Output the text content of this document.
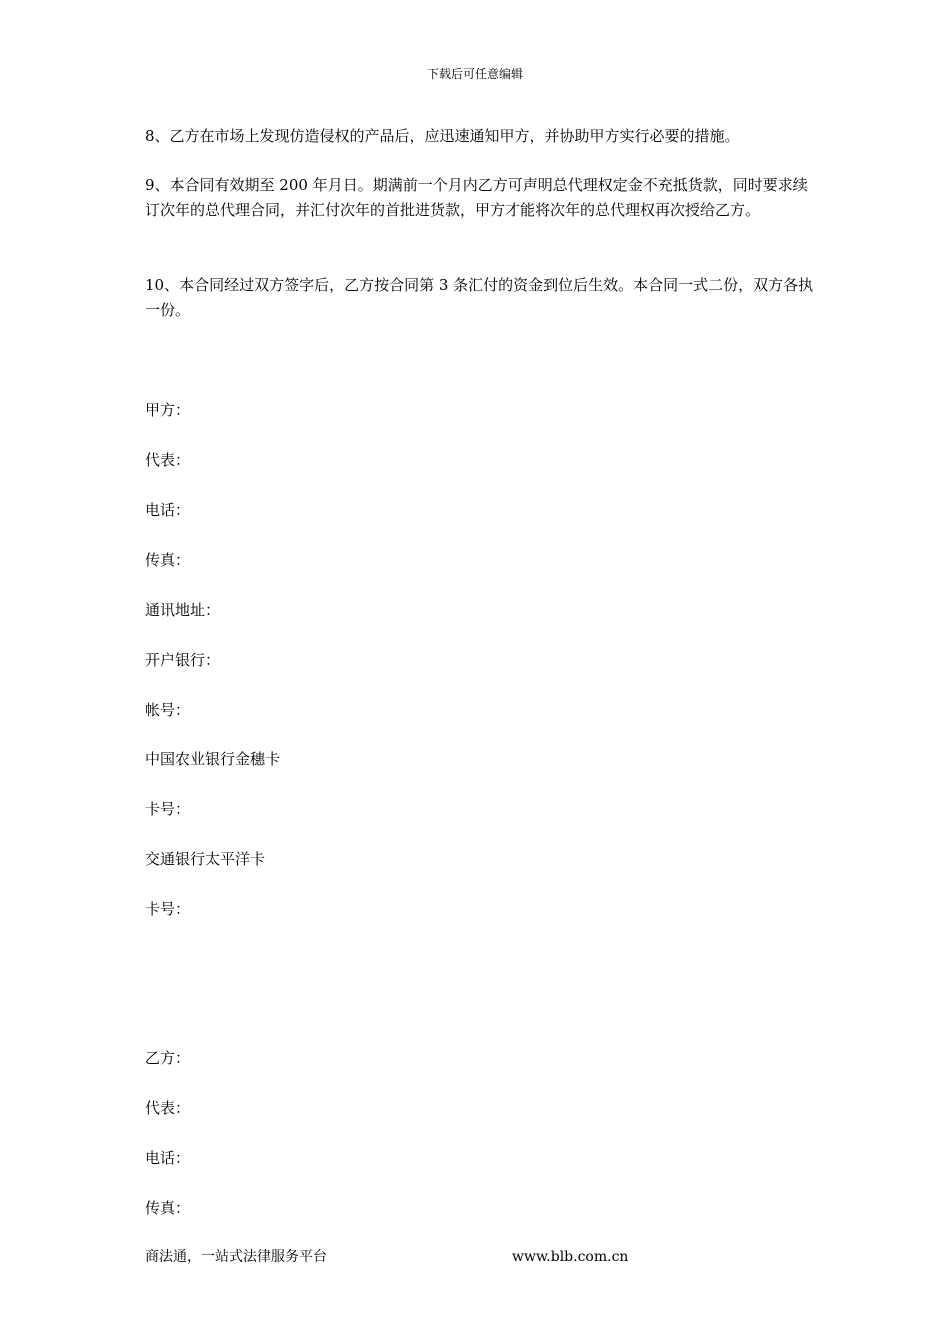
下载后可任意编辑

8、乙方在市场上发现仿造侵权的产品后，应迅速通知甲方，并协助甲方实行必要的措施。

9、本合同有效期至 200 年月日。期满前一个月内乙方可声明总代理权定金不充抵货款，同时要求续订次年的总代理合同，并汇付次年的首批进货款，甲方才能将次年的总代理权再次授给乙方。

10、本合同经过双方签字后，乙方按合同第 3 条汇付的资金到位后生效。本合同一式二份，双方各执一份。

甲方：
代表：
电话：
传真：
通讯地址：
开户银行：
帐号：
中国农业银行金穗卡
卡号：
交通银行太平洋卡
卡号：
乙方：
代表：
电话：
传真：
商法通，一站式法律服务平台	www.blb.com.cn
